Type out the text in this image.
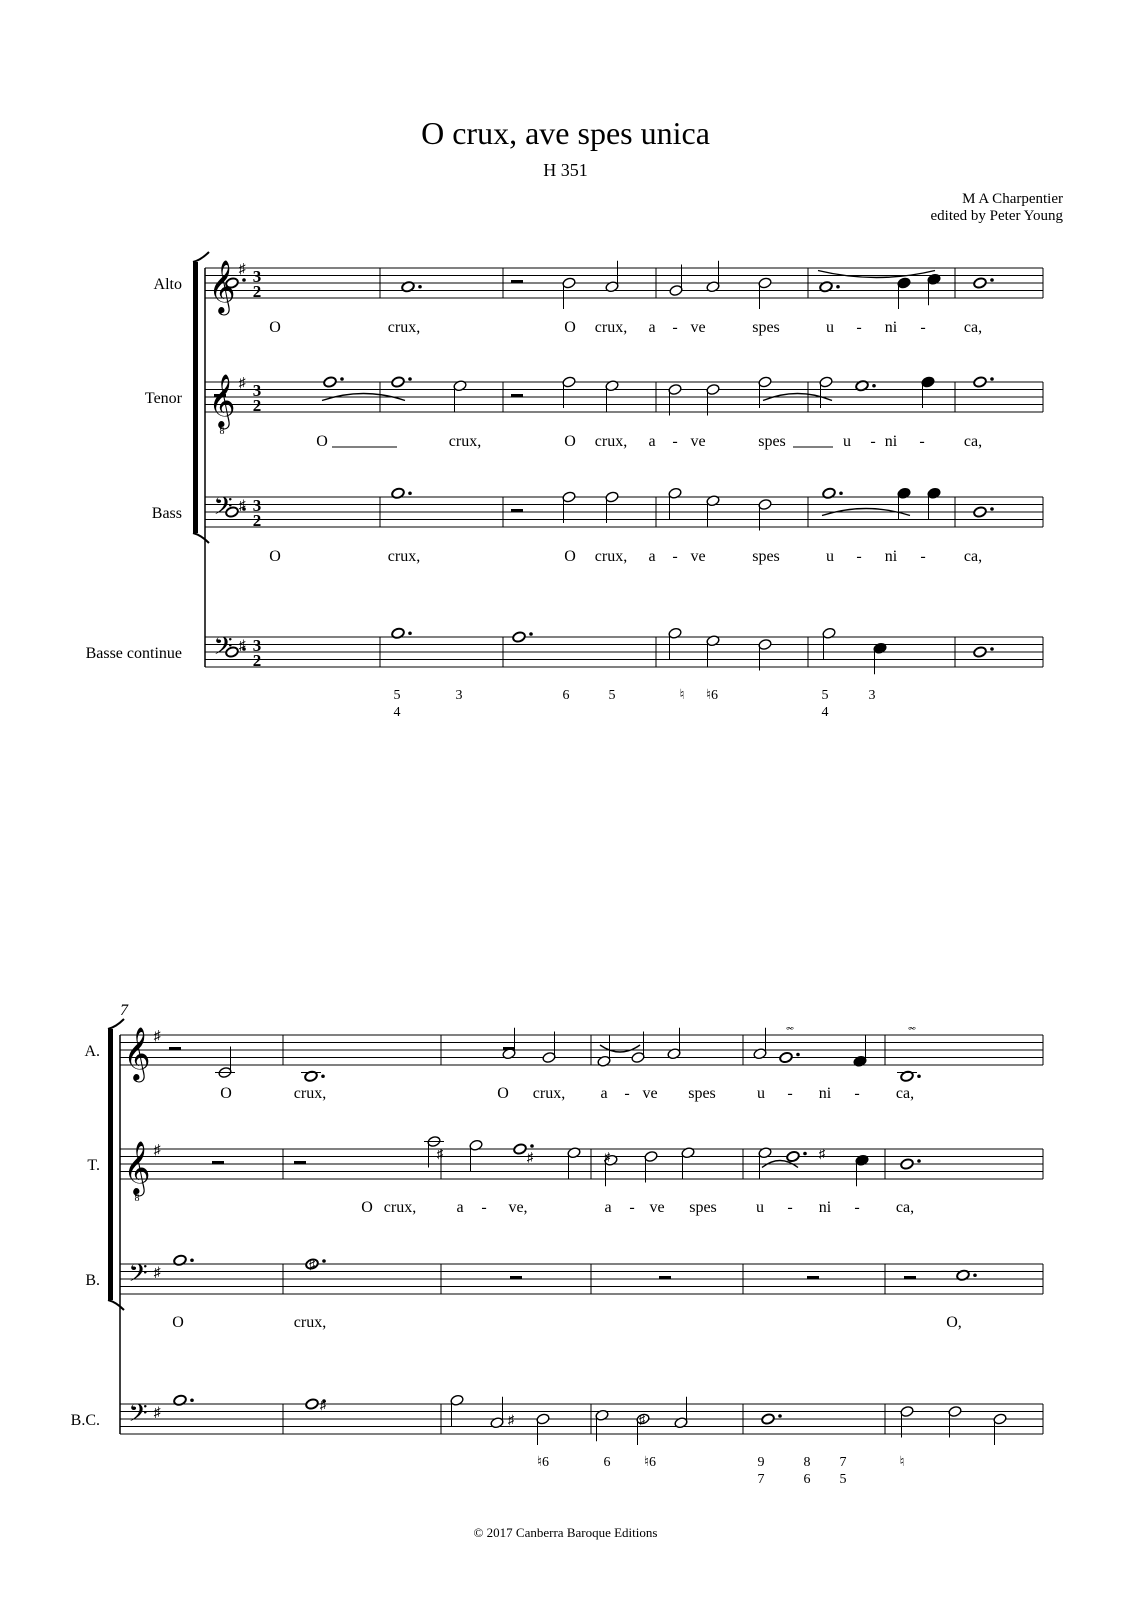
O crux, ave spes unica
H 351
M A Charpentier
edited by Peter Young
Alto 𝄞 ♯ 3
2
O	crux,	O crux, a - ve	spes	u - ni - ca,
Tenor 𝄞
8
♯ 3
2
O	crux,	O crux, a - ve	spes	u - ni - ca,
Bass 𝄢 ♯ 3
2
O	crux,	O crux, a - ve	spes	u - ni - ca,
Basse continue 𝄢 ♯ 3
2
5
4
3	6	5	♮ ♮6	5
4
3
7
A. 𝄞 ♯
𝆗	𝆗
O	crux,	O crux, a - ve spes	u - ni - ca,
T. 𝄞
8
♯	♯	♯	♯	♯
O crux,	a - ve,	a - ve spes u - ni - ca,
B. 𝄢 ♯
♯
O	crux,	O,
B.C. 𝄢 ♯
♯
♯	♯
♮6	6 ♮6	9
7
8
6
7
5
♮
© 2017 Canberra Baroque Editions
